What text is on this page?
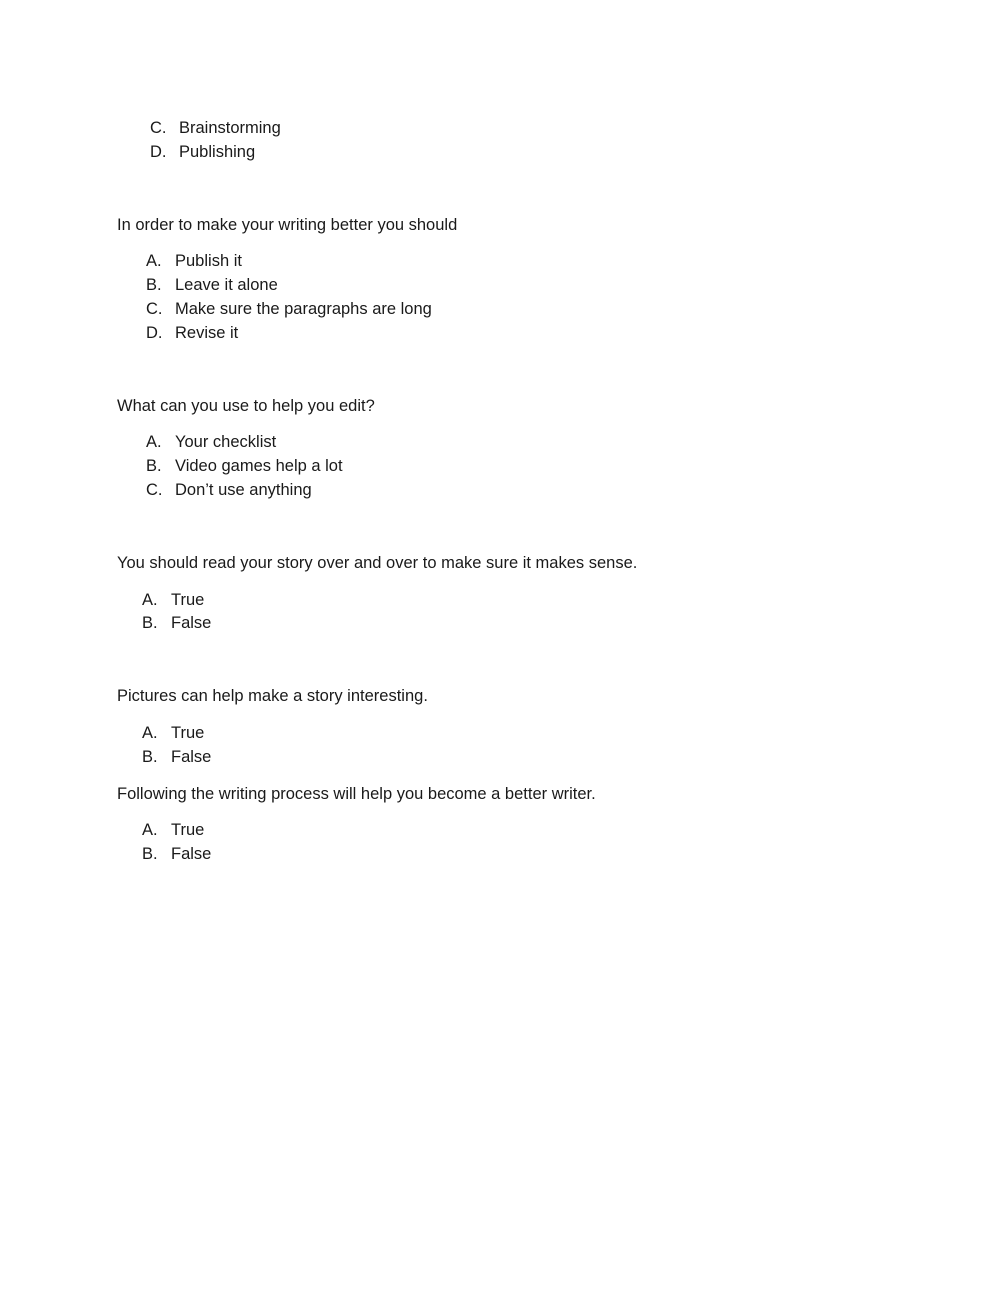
C. Brainstorming
D. Publishing
In order to make your writing better you should
A. Publish it
B. Leave it alone
C. Make sure the paragraphs are long
D. Revise it
What can you use to help you edit?
A. Your checklist
B. Video games help a lot
C. Don’t use anything
You should read your story over and over to make sure it makes sense.
A. True
B. False
Pictures can help make a story interesting.
A. True
B. False
Following the writing process will help you become a better writer.
A. True
B. False
